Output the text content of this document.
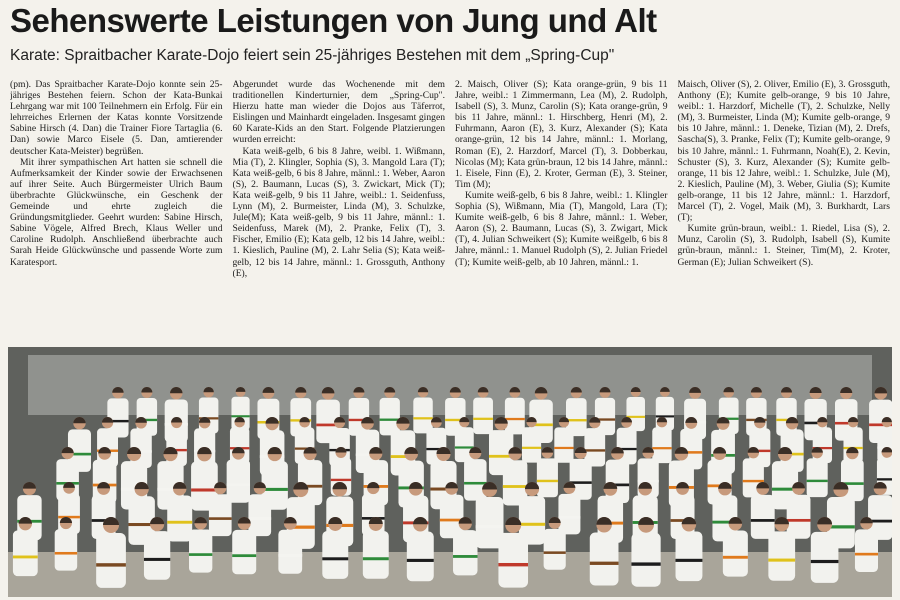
Sehenswerte Leistungen von Jung und Alt
Karate: Spraitbacher Karate-Dojo feiert sein 25-jähriges Bestehen mit dem „Spring-Cup"

(pm). Das Spraitbacher Karate-Dojo konnte sein 25-jähriges Bestehen feiern. Schon der Kata-Bunkai Lehrgang war mit 100 Teilnehmern ein Erfolg. Für ein lehrreiches Erlernen der Katas konnte Vorsitzende Sabine Hirsch (4. Dan) die Trainer Fiore Tartaglia (6. Dan) sowie Marco Eisele (5. Dan, amtierender deutscher Kata-Meister) begrüßen.

Mit ihrer sympathischen Art hatten sie schnell die Aufmerksamkeit der Kinder sowie der Erwachsenen auf ihrer Seite. Auch Bürgermeister Ulrich Baum überbrachte Glückwünsche, ein Geschenk der Gemeinde und ehrte zugleich die Gründungsmitglieder. Geehrt wurden: Sabine Hirsch, Sabine Vögele, Alfred Brech, Klaus Weller und Caroline Rudolph. Anschließend überbrachte auch Sarah Heide Glückwünsche und passende Worte zum Karatesport.

Abgerundet wurde das Wochenende mit dem traditionellen Kinderturnier, dem „Spring-Cup". Hierzu hatte man wieder die Dojos aus Täferrot, Eislingen und Mainhardt eingeladen. Insgesamt gingen 60 Karate-Kids an den Start. Folgende Platzierungen wurden erreicht:

Kata weiß-gelb, 6 bis 8 Jahre, weibl. 1. Wißmann, Mia (T), 2. Klingler, Sophia (S), 3. Mangold Lara (T); Kata weiß-gelb, 6 bis 8 Jahre, männl.: 1. Weber, Aaron (S), 2. Baumann, Lucas (S), 3. Zwickart, Mick (T); Kata weiß-gelb, 9 bis 11 Jahre, weibl.: 1. Seidenfuss, Lynn (M), 2. Burmeister, Linda (M), 3. Schulzke, Jule(M); Kata weiß-gelb, 9 bis 11 Jahre, männl.: 1. Seidenfuss, Marek (M), 2. Pranke, Felix (T), 3. Fischer, Emilio (E); Kata gelb, 12 bis 14 Jahre, weibl.: 1. Kieslich, Pauline (M), 2. Lahr Selia (S); Kata weiß-gelb, 12 bis 14 Jahre, männl.: 1. Grossguth, Anthony (E),

2. Maisch, Oliver (S); Kata orange-grün, 9 bis 11 Jahre, weibl.: 1 Zimmermann, Lea (M), 2. Rudolph, Isabell (S), 3. Munz, Carolin (S); Kata orange-grün, 9 bis 11 Jahre, männl.: 1. Hirschberg, Henri (M), 2. Fuhrmann, Aaron (E), 3. Kurz, Alexander (S); Kata orange-grün, 12 bis 14 Jahre, männl.: 1. Morlang, Roman (E), 2. Harzdorf, Marcel (T), 3. Dobberkau, Nicolas (M); Kata grün-braun, 12 bis 14 Jahre, männl.: 1. Eisele, Finn (E), 2. Kroter, German (E), 3. Steiner, Tim (M);

Kumite weiß-gelb, 6 bis 8 Jahre, weibl.: 1. Klingler Sophia (S), Wißmann, Mia (T), Mangold, Lara (T); Kumite weiß-gelb, 6 bis 8 Jahre, männl.: 1. Weber, Aaron (S), 2. Baumann, Lucas (S), 3. Zwigart, Mick (T), 4. Julian Schweikert (S); Kumite weißgelb, 6 bis 8 Jahre, männl.: 1. Manuel Rudolph (S), 2. Julian Friedel (T); Kumite weiß-gelb, ab 10 Jahren, männl.: 1.

Maisch, Oliver (S), 2. Oliver, Emilio (E), 3. Grossguth, Anthony (E); Kumite gelb-orange, 9 bis 10 Jahre, weibl.: 1. Harzdorf, Michelle (T), 2. Schulzke, Nelly (M), 3. Burmeister, Linda (M); Kumite gelb-orange, 9 bis 10 Jahre, männl.: 1. Deneke, Tizian (M), 2. Drefs, Sascha(S), 3. Pranke, Felix (T); Kumite gelb-orange, 9 bis 10 Jahre, männl.: 1. Fuhrmann, Noah(E), 2. Kevin, Schuster (S), 3. Kurz, Alexander (S); Kumite gelb-orange, 11 bis 12 Jahre, weibl.: 1. Schulzke, Jule (M), 2. Kieslich, Pauline (M), 3. Weber, Giulia (S); Kumite gelb-orange, 11 bis 12 Jahre, männl.: 1. Harzdorf, Marcel (T), 2. Vogel, Maik (M), 3. Burkhardt, Lars (T);

Kumite grün-braun, weibl.: 1. Riedel, Lisa (S), 2. Munz, Carolin (S), 3. Rudolph, Isabell (S), Kumite grün-braun, männl.: 1. Steiner, Tim(M), 2. Kroter, German (E); Julian Schweikert (S).
